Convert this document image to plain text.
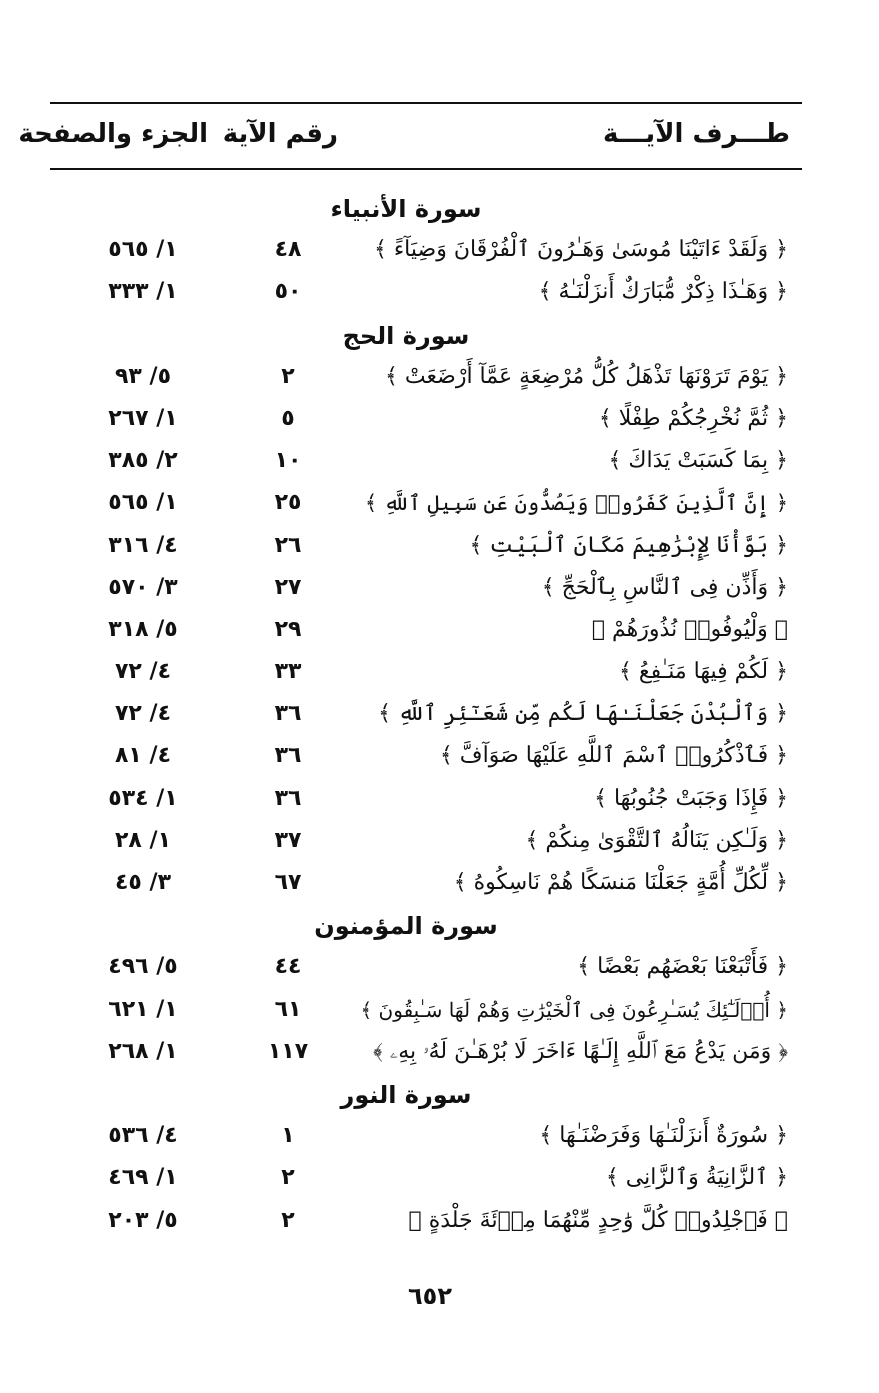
طـــرف الآيـــة
رقم الآية
الجزء والصفحة
سورة الأنبياء
﴿ وَلَقَدْ ءَاتَيْنَا مُوسَىٰ وَهَـٰرُونَ ٱلْفُرْقَانَ وَضِيَآءً ﴾
٤٨
١/ ٥٦٥
﴿ وَهَـٰذَا ذِكْرٌ مُّبَارَكٌ أَنزَلْنَـٰهُ ﴾
٥٠
١/ ٣٣٣
سورة الحج
﴿ يَوْمَ تَرَوْنَهَا تَذْهَلُ كُلُّ مُرْضِعَةٍ عَمَّآ أَرْضَعَتْ ﴾
٢
٥/ ٩٣
﴿ ثُمَّ نُخْرِجُكُمْ طِفْلًا ﴾
٥
١/ ٢٦٧
﴿ بِمَا كَسَبَتْ يَدَاكَ ﴾
١٠
٢/ ٣٨٥
﴿ إِنَّ ٱلَّذِينَ كَفَرُوا۟ وَيَصُدُّونَ عَن سَبِيلِ ٱللَّهِ ﴾
٢٥
١/ ٥٦٥
﴿ بَوَّأْنَا لِإِبْرَٰهِيمَ مَكَانَ ٱلْبَيْتِ ﴾
٢٦
٤/ ٣١٦
﴿ وَأَذِّن فِى ٱلنَّاسِ بِٱلْحَجِّ ﴾
٢٧
٣/ ٥٧٠
﴿ وَلْيُوفُوا۟ نُذُورَهُمْ ﴾
٢٩
٥/ ٣١٨
﴿ لَكُمْ فِيهَا مَنَـٰفِعُ ﴾
٣٣
٤/ ٧٢
﴿ وَٱلْبُدْنَ جَعَلْنَـٰهَا لَكُم مِّن شَعَـٰٓئِرِ ٱللَّهِ ﴾
٣٦
٤/ ٧٢
﴿ فَٱذْكُرُوا۟ ٱسْمَ ٱللَّهِ عَلَيْهَا صَوَآفَّ ﴾
٣٦
٤/ ٨١
﴿ فَإِذَا وَجَبَتْ جُنُوبُهَا ﴾
٣٦
١/ ٥٣٤
﴿ وَلَـٰكِن يَنَالُهُ ٱلتَّقْوَىٰ مِنكُمْ ﴾
٣٧
١/ ٢٨
﴿ لِّكُلِّ أُمَّةٍ جَعَلْنَا مَنسَكًا هُمْ نَاسِكُوهُ ﴾
٦٧
٣/ ٤٥
سورة المؤمنون
﴿ فَأَتْبَعْنَا بَعْضَهُم بَعْضًا ﴾
٤٤
٥/ ٤٩٦
﴿ أُو۟لَـٰٓئِكَ يُسَـٰرِعُونَ فِى ٱلْخَيْرَٰتِ وَهُمْ لَهَا سَـٰبِقُونَ ﴾
٦١
١/ ٦٢١
﴿ وَمَن يَدْعُ مَعَ ٱللَّهِ إِلَـٰهًا ءَاخَرَ لَا بُرْهَـٰنَ لَهُۥ بِهِۦ ﴾
١١٧
١/ ٢٦٨
سورة النور
﴿ سُورَةٌ أَنزَلْنَـٰهَا وَفَرَضْنَـٰهَا ﴾
١
٤/ ٥٣٦
﴿ ٱلزَّانِيَةُ وَٱلزَّانِى ﴾
٢
١/ ٤٦٩
﴿ فَٱجْلِدُوا۟ كُلَّ وَٰحِدٍ مِّنْهُمَا مِا۟ئَةَ جَلْدَةٍ ﴾
٢
٥/ ٢٠٣
٦٥٢
